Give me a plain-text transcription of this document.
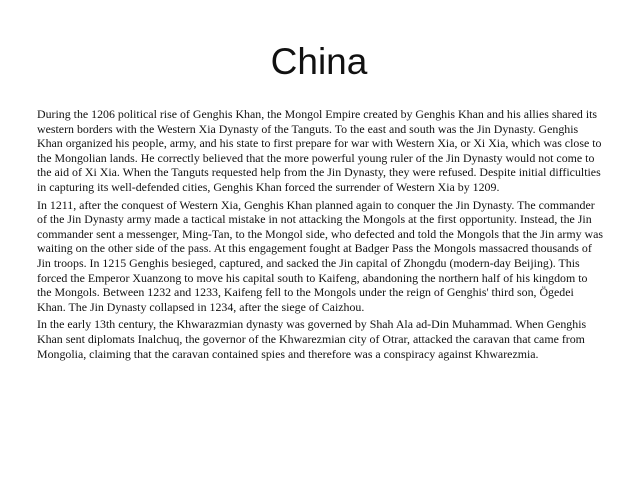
China

During the 1206 political rise of Genghis Khan, the Mongol Empire created by Genghis Khan and his allies shared its western borders with the Western Xia Dynasty of the Tanguts. To the east and south was the Jin Dynasty. Genghis Khan organized his people, army, and his state to first prepare for war with Western Xia, or Xi Xia, which was close to the Mongolian lands. He correctly believed that the more powerful young ruler of the Jin Dynasty would not come to the aid of Xi Xia. When the Tanguts requested help from the Jin Dynasty, they were refused. Despite initial difficulties in capturing its well-defended cities, Genghis Khan forced the surrender of Western Xia by 1209.

In 1211, after the conquest of Western Xia, Genghis Khan planned again to conquer the Jin Dynasty. The commander of the Jin Dynasty army made a tactical mistake in not attacking the Mongols at the first opportunity. Instead, the Jin commander sent a messenger, Ming-Tan, to the Mongol side, who defected and told the Mongols that the Jin army was waiting on the other side of the pass. At this engagement fought at Badger Pass the Mongols massacred thousands of Jin troops. In 1215 Genghis besieged, captured, and sacked the Jin capital of Zhongdu (modern-day Beijing). This forced the Emperor Xuanzong to move his capital south to Kaifeng, abandoning the northern half of his kingdom to the Mongols. Between 1232 and 1233, Kaifeng fell to the Mongols under the reign of Genghis' third son, Ögedei Khan. The Jin Dynasty collapsed in 1234, after the siege of Caizhou.

In the early 13th century, the Khwarazmian dynasty was governed by Shah Ala ad-Din Muhammad. When Genghis Khan sent diplomats Inalchuq, the governor of the Khwarezmian city of Otrar, attacked the caravan that came from Mongolia, claiming that the caravan contained spies and therefore was a conspiracy against Khwarezmia.
